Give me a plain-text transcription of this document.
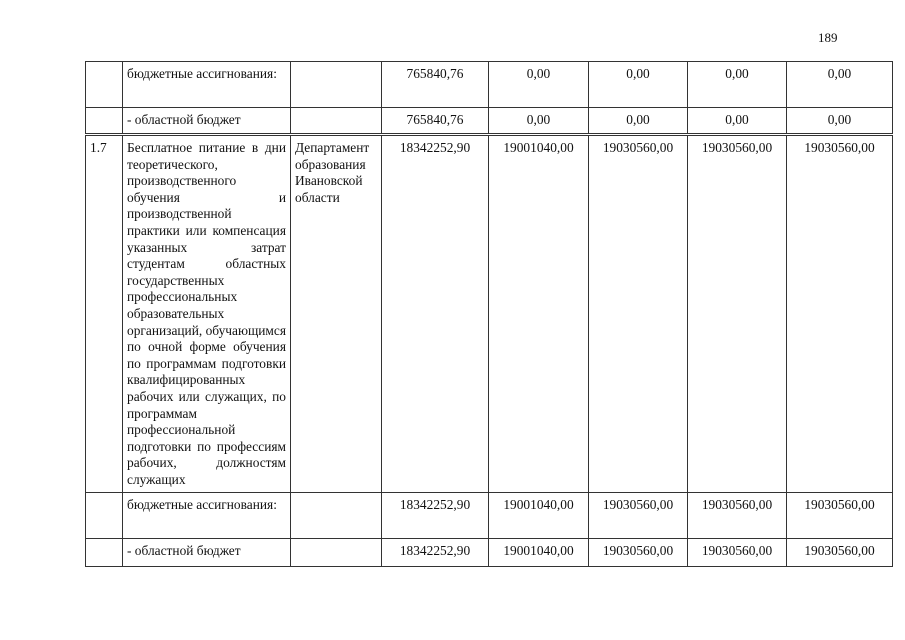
189
	бюджетные ассигнования:		765840,76	0,00	0,00	0,00	0,00
	- областной бюджет		765840,76	0,00	0,00	0,00	0,00
1.7	Бесплатное питание в дни теоретического, производственного обучения и производственной практики или компенсация указанных затрат студентам областных государственных профессиональных образовательных организаций, обучающимся по очной форме обучения по программам подготовки квалифицированных рабочих или служащих, по программам профессиональной подготовки по профессиям рабочих, должностям служащих	Департамент образования Ивановской области	18342252,90	19001040,00	19030560,00	19030560,00	19030560,00
	бюджетные ассигнования:		18342252,90	19001040,00	19030560,00	19030560,00	19030560,00
	- областной бюджет		18342252,90	19001040,00	19030560,00	19030560,00	19030560,00
